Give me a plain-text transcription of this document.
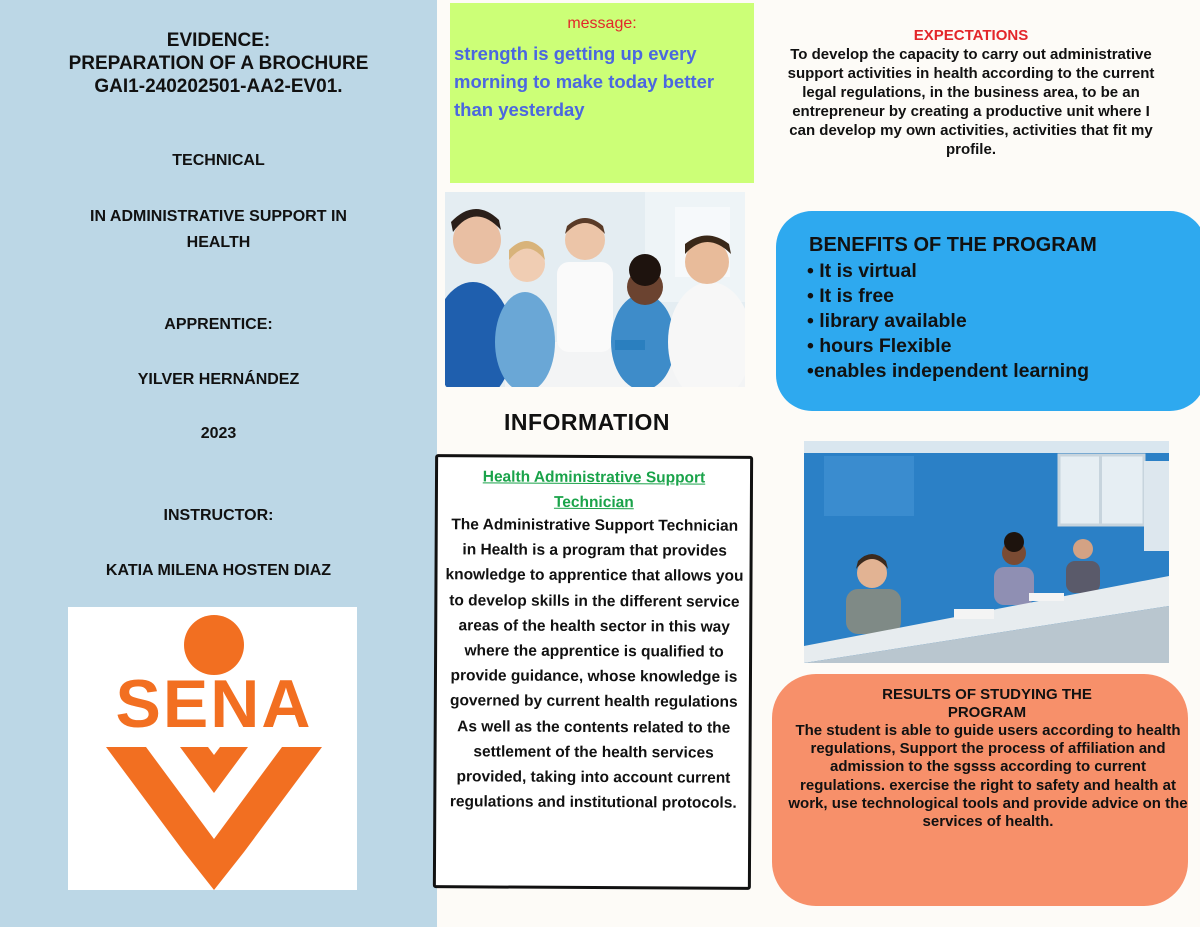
EVIDENCE:
PREPARATION OF A BROCHURE
GAI1-240202501-AA2-EV01.
TECHNICAL
IN ADMINISTRATIVE SUPPORT IN
HEALTH
APPRENTICE:
YILVER HERNÁNDEZ
2023
INSTRUCTOR:
KATIA MILENA HOSTEN DIAZ
SENA
message:
strength is getting up every morning to make today better than yesterday
INFORMATION
Health Administrative Support
Technician
The Administrative Support Technician in Health is a program that provides knowledge to apprentice that allows you to develop skills in the different service areas of the health sector in this way where the apprentice is qualified to provide guidance, whose knowledge is governed by current health regulations As well as the contents related to the settlement of the health services provided, taking into account current regulations and institutional protocols.
EXPECTATIONS
To develop the capacity to carry out administrative support activities in health according to the current legal regulations, in the business area, to be an entrepreneur by creating a productive unit where I can develop my own activities, activities that fit my profile.
BENEFITS OF THE PROGRAM
• It is virtual
• It is free
• library available
• hours Flexible
•enables independent learning
RESULTS OF STUDYING THE
PROGRAM
The student is able to guide users according to health regulations, Support the process of affiliation and admission to the sgsss according to current regulations. exercise the right to safety and health at work, use technological tools and provide advice on the services of health.
